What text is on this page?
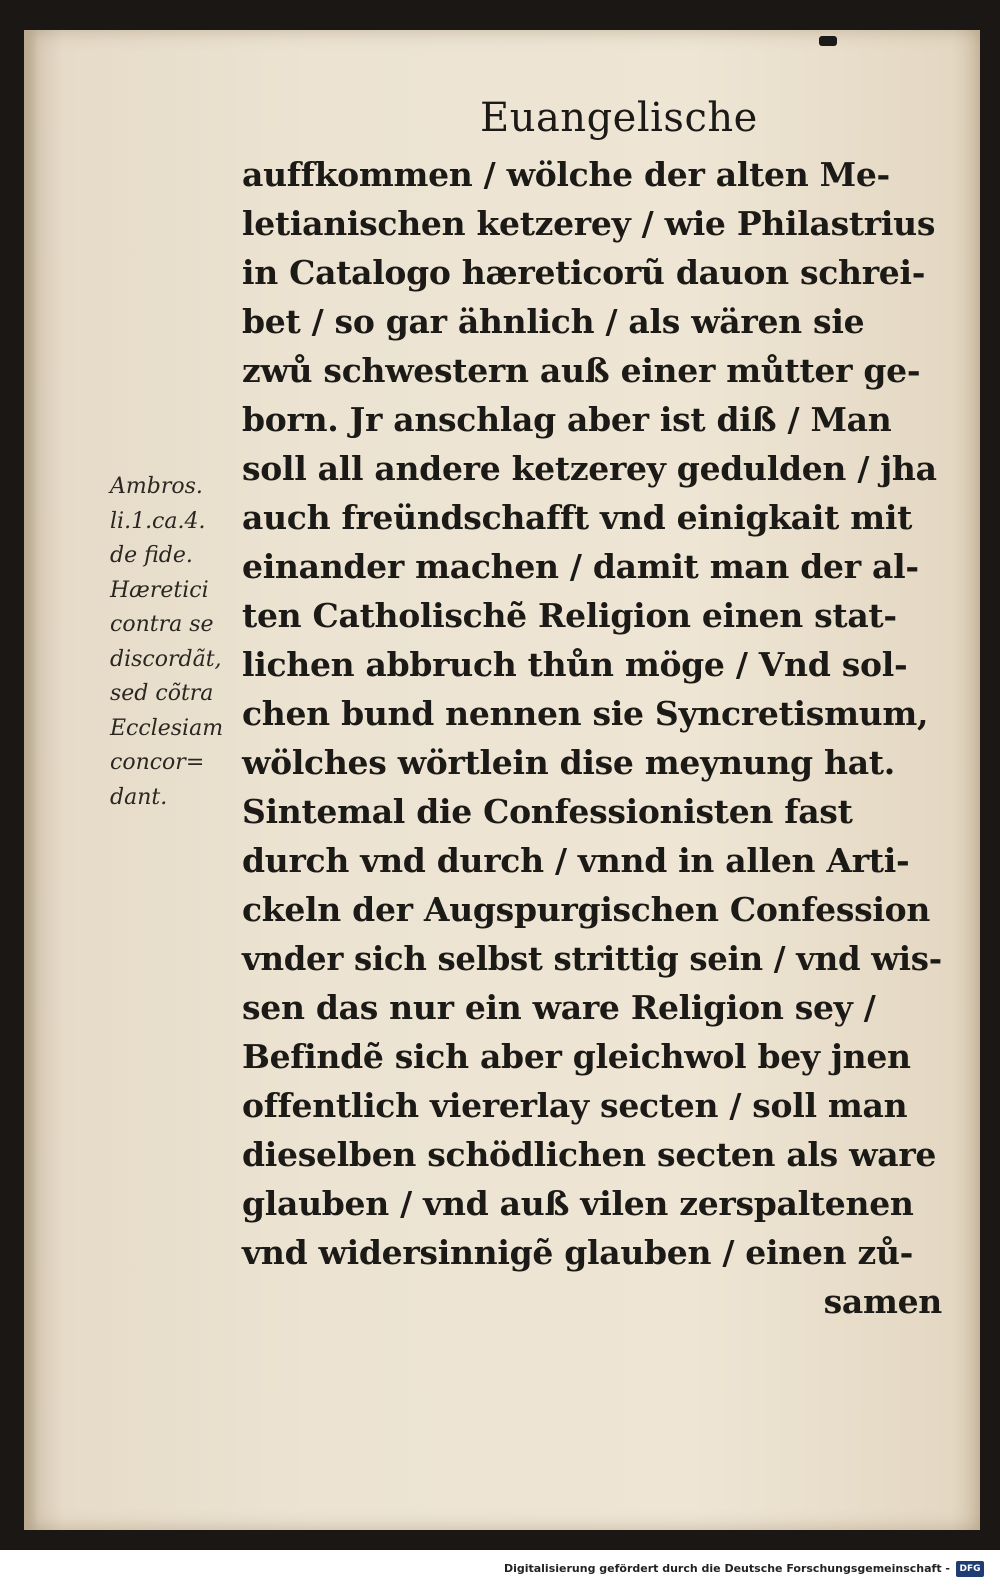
Euangelische
Ambros.
li.1.ca.4.
de fide.
Hæretici
contra se
discordãt,
sed cõtra
Ecclesiam
concor=
dant.
auffkommen / wölche der alten Me‑
letianischen ketzerey / wie Philastrius
in Catalogo hæreticorũ dauon schrei‑
bet / so gar ähnlich / als wären sie
zwů schwestern auß einer můtter ge‑
born. Jr anschlag aber ist diß / Man
soll all andere ketzerey gedulden / jha
auch freündschafft vnd einigkait mit
einander machen / damit man der al‑
ten Catholischẽ Religion einen stat‑
lichen abbruch thůn möge / Vnd sol‑
chen bund nennen sie Syncretismum,
wölches wörtlein dise meynung hat.
Sintemal die Confessionisten fast
durch vnd durch / vnnd in allen Arti‑
ckeln der Augspurgischen Confession
vnder sich selbst strittig sein / vnd wis‑
sen das nur ein ware Religion sey /
Befindẽ sich aber gleichwol bey jnen
offentlich viererlay secten / soll man
dieselben schödlichen secten als ware
glauben / vnd auß vilen zerspaltenen
vnd widersinnigẽ glauben / einen zů‑
samen
Digitalisierung gefördert durch die Deutsche Forschungsgemeinschaft -	DFG
